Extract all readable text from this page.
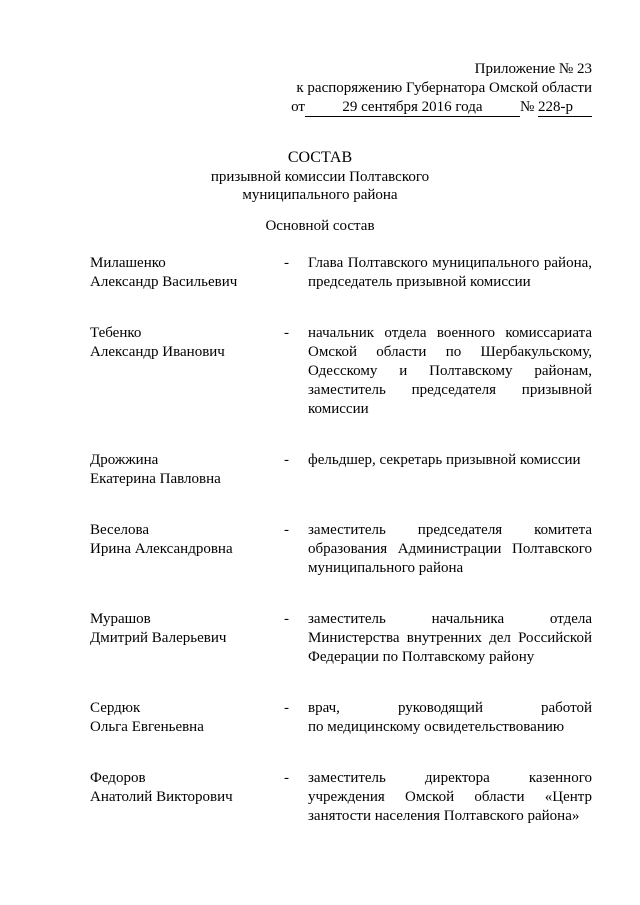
Приложение № 23
к распоряжению Губернатора Омской области
от 29 сентября 2016 года № 228-р
СОСТАВ
призывной комиссии Полтавского
муниципального района
Основной состав
Милашенко
Александр Васильевич
-	Глава Полтавского муниципального района,
председатель призывной комиссии
Тебенко
Александр Иванович
-	начальник отдела военного комиссариата
Омской области по Шербакульскому,
Одесскому и Полтавскому районам,
заместитель председателя призывной
комиссии
Дрожжина
Екатерина Павловна
-	фельдшер, секретарь призывной комиссии
Веселова
Ирина Александровна
-	заместитель председателя комитета
образования Администрации Полтавского
муниципального района
Мурашов
Дмитрий Валерьевич
-	заместитель начальника отдела
Министерства внутренних дел Российской
Федерации по Полтавскому району
Сердюк
Ольга Евгеньевна
-	врач, руководящий работой
по медицинскому освидетельствованию
Федоров
Анатолий Викторович
-	заместитель директора казенного
учреждения Омской области «Центр
занятости населения Полтавского района»
